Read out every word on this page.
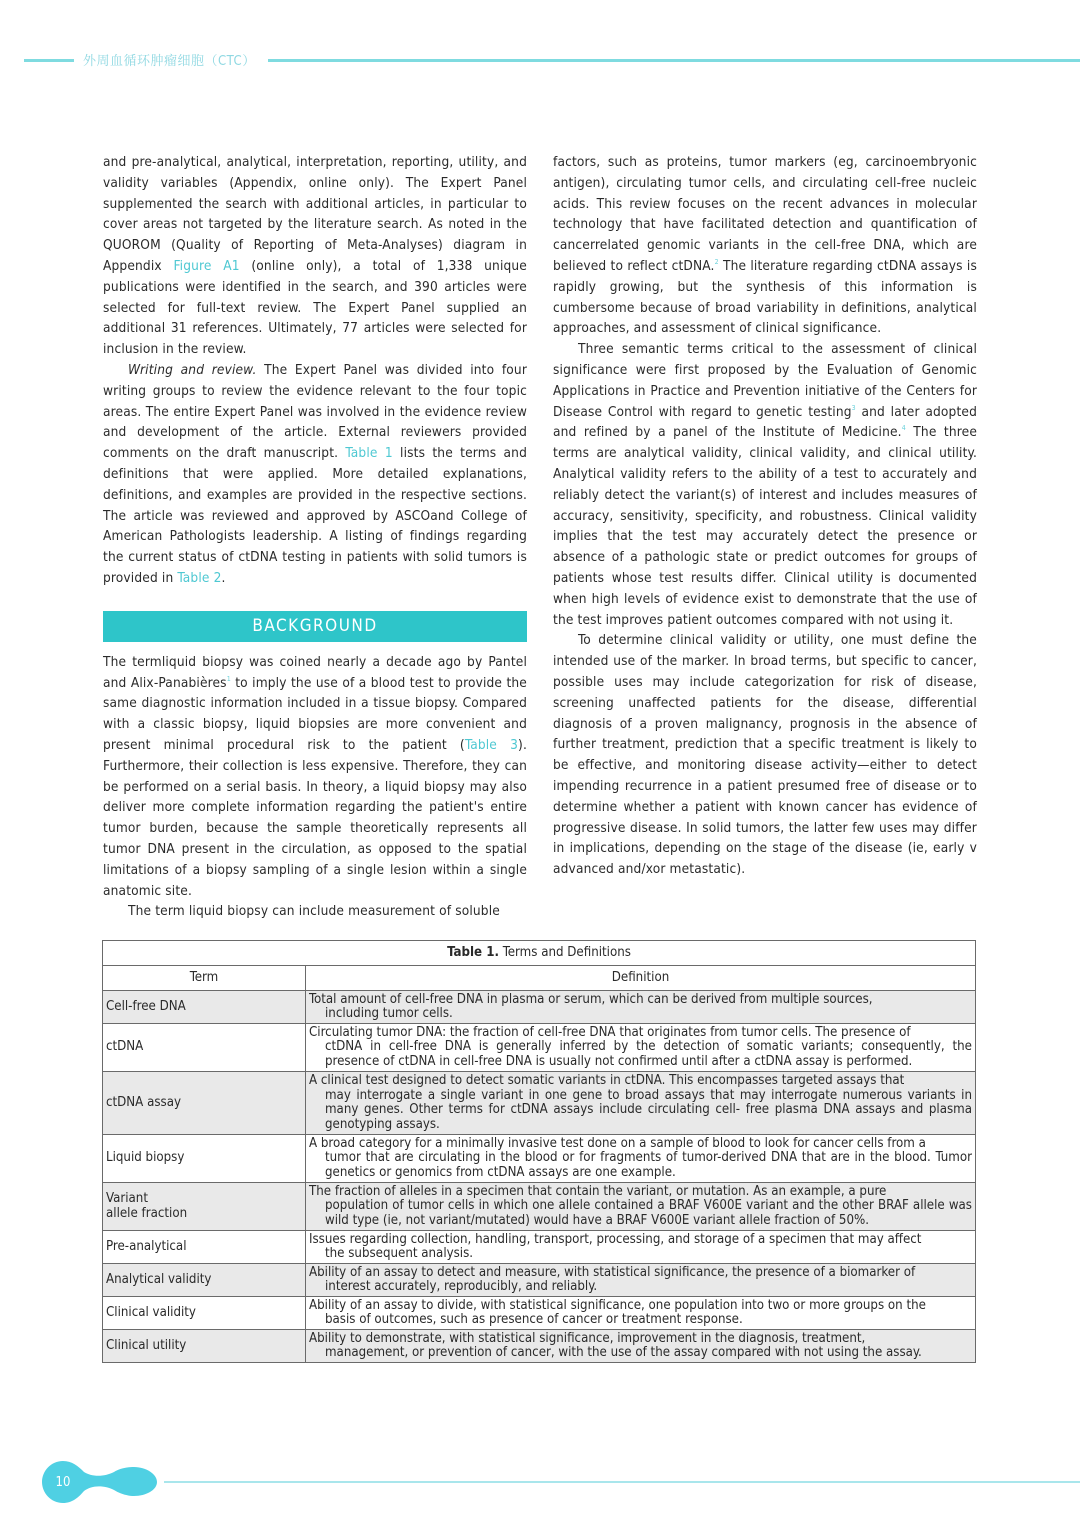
外周血循环肿瘤细胞（CTC）

and pre-analytical, analytical, interpretation, reporting, utility, and validity variables (Appendix, online only). The Expert Panel supplemented the search with additional articles, in particular to cover areas not targeted by the literature search. As noted in the QUOROM (Quality of Reporting of Meta-Analyses) diagram in Appendix Figure A1 (online only), a total of 1,338 unique publications were identified in the search, and 390 articles were selected for full-text review. The Expert Panel supplied an additional 31 references. Ultimately, 77 articles were selected for inclusion in the review.

Writing and review. The Expert Panel was divided into four writing groups to review the evidence relevant to the four topic areas. The entire Expert Panel was involved in the evidence review and development of the article. External reviewers provided comments on the draft manuscript. Table 1 lists the terms and definitions that were applied. More detailed explanations, definitions, and examples are provided in the respective sections. The article was reviewed and approved by ASCOand College of American Pathologists leadership. A listing of findings regarding the current status of ctDNA testing in patients with solid tumors is provided in Table 2.

BACKGROUND

The termliquid biopsy was coined nearly a decade ago by Pantel and Alix-Panabières$^1$ to imply the use of a blood test to provide the same diagnostic information included in a tissue biopsy. Compared with a classic biopsy, liquid biopsies are more convenient and present minimal procedural risk to the patient (Table 3). Furthermore, their collection is less expensive. Therefore, they can be performed on a serial basis. In theory, a liquid biopsy may also deliver more complete information regarding the patient's entire tumor burden, because the sample theoretically represents all tumor DNA present in the circulation, as opposed to the spatial limitations of a biopsy sampling of a single lesion within a single anatomic site.

The term liquid biopsy can include measurement of soluble

factors, such as proteins, tumor markers (eg, carcinoembryonic antigen), circulating tumor cells, and circulating cell-free nucleic acids. This review focuses on the recent advances in molecular technology that have facilitated detection and quantification of cancerrelated genomic variants in the cell-free DNA, which are believed to reflect ctDNA.$^2$ The literature regarding ctDNA assays is rapidly growing, but the synthesis of this information is cumbersome because of broad variability in definitions, analytical approaches, and assessment of clinical significance.

Three semantic terms critical to the assessment of clinical significance were first proposed by the Evaluation of Genomic Applications in Practice and Prevention initiative of the Centers for Disease Control with regard to genetic testing$^3$ and later adopted and refined by a panel of the Institute of Medicine.$^4$ The three terms are analytical validity, clinical validity, and clinical utility. Analytical validity refers to the ability of a test to accurately and reliably detect the variant(s) of interest and includes measures of accuracy, sensitivity, specificity, and robustness. Clinical validity implies that the test may accurately detect the presence or absence of a pathologic state or predict outcomes for groups of patients whose test results differ. Clinical utility is documented when high levels of evidence exist to demonstrate that the use of the test improves patient outcomes compared with not using it.

To determine clinical validity or utility, one must define the intended use of the marker. In broad terms, but specific to cancer, possible uses may include categorization for risk of disease, screening unaffected patients for the disease, differential diagnosis of a proven malignancy, prognosis in the absence of further treatment, prediction that a specific treatment is likely to be effective, and monitoring disease activity—either to detect impending recurrence in a patient presumed free of disease or to determine whether a patient with known cancer has evidence of progressive disease. In solid tumors, the latter few uses may differ in implications, depending on the stage of the disease (ie, early v advanced and/xor metastatic).

Table 1. Terms and Definitions	
Term	Definition
Cell-free DNA	Total amount of cell-free DNA in plasma or serum, which can be derived from multiple sources,
including tumor cells.

ctDNA	Circulating tumor DNA: the fraction of cell-free DNA that originates from tumor cells. The presence of
ctDNA in cell-free DNA is generally inferred by the detection of somatic variants; consequently, the presence of ctDNA in cell-free DNA is usually not confirmed until after a ctDNA assay is performed.

ctDNA assay	A clinical test designed to detect somatic variants in ctDNA. This encompasses targeted assays that
may interrogate a single variant in one gene to broad assays that may interrogate numerous variants in many genes. Other terms for ctDNA assays include circulating cell- free plasma DNA assays and plasma genotyping assays.

Liquid biopsy	A broad category for a minimally invasive test done on a sample of blood to look for cancer cells from a
tumor that are circulating in the blood or for fragments of tumor-derived DNA that are in the blood. Tumor genetics or genomics from ctDNA assays are one example.

Variant
allele fraction	The fraction of alleles in a specimen that contain the variant, or mutation. As an example, a pure
population of tumor cells in which one allele contained a BRAF V600E variant and the other BRAF allele was wild type (ie, not variant/mutated) would have a BRAF V600E variant allele fraction of 50%.

Pre-analytical	Issues regarding collection, handling, transport, processing, and storage of a specimen that may affect
the subsequent analysis.

Analytical validity	Ability of an assay to detect and measure, with statistical significance, the presence of a biomarker of
interest accurately, reproducibly, and reliably.

Clinical validity	Ability of an assay to divide, with statistical significance, one population into two or more groups on the
basis of outcomes, such as presence of cancer or treatment response.

Clinical utility	Ability to demonstrate, with statistical significance, improvement in the diagnosis, treatment,
management, or prevention of cancer, with the use of the assay compared with not using the assay.
10
